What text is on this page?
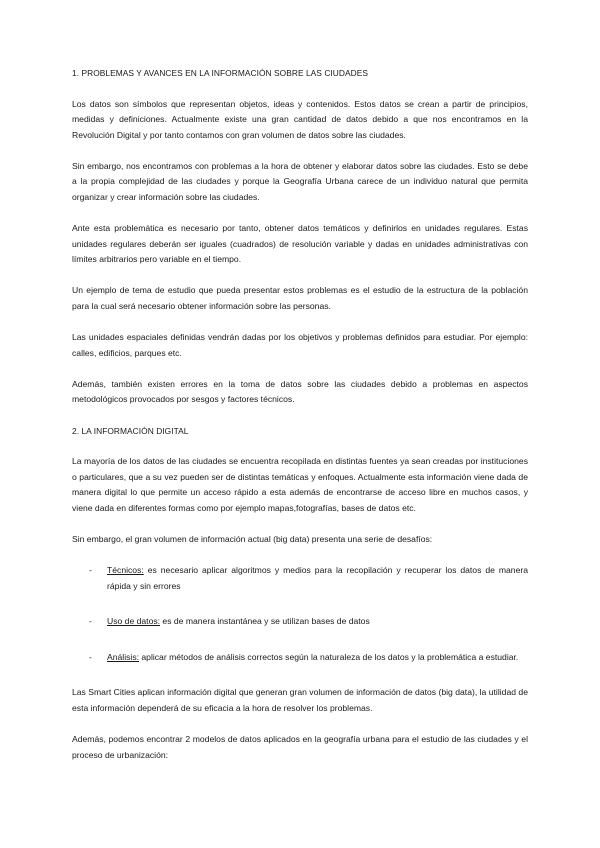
1. PROBLEMAS Y AVANCES EN LA INFORMACIÓN SOBRE LAS CIUDADES

Los datos son símbolos que representan objetos, ideas y contenidos. Estos datos se crean a partir de principios, medidas y definiciones. Actualmente existe una gran cantidad de datos debido a que nos encontramos en la Revolución Digital y por tanto contamos con gran volumen de datos sobre las ciudades.

Sin embargo, nos encontramos con problemas a la hora de obtener y elaborar datos sobre las ciudades. Esto se debe a la propia complejidad de las ciudades y porque la Geografía Urbana carece de un individuo natural que permita organizar y crear información sobre las ciudades.

Ante esta problemática es necesario por tanto, obtener datos temáticos y definirlos en unidades regulares. Estas unidades regulares deberán ser iguales (cuadrados) de resolución variable y dadas en unidades administrativas con límites arbitrarios pero variable en el tiempo.

Un ejemplo de tema de estudio que pueda presentar estos problemas es el estudio de la estructura de la población para la cual será necesario obtener información sobre las personas.

Las unidades espaciales definidas vendrán dadas por los objetivos y problemas definidos para estudiar. Por ejemplo: calles, edificios, parques etc.

Además, también existen errores en la toma de datos sobre las ciudades debido a problemas en aspectos metodológicos provocados por sesgos y factores técnicos.

2. LA INFORMACIÓN DIGITAL

La mayoría de los datos de las ciudades se encuentra recopilada en distintas fuentes ya sean creadas por instituciones o particulares, que a su vez pueden ser de distintas temáticas y enfoques. Actualmente esta información viene dada de manera digital lo que permite un acceso rápido a esta además de encontrarse de acceso libre en muchos casos, y viene dada en diferentes formas como por ejemplo mapas,fotografías, bases de datos etc.

Sin embargo, el gran volumen de información actual (big data) presenta una serie de desafíos:

- Técnicos: es necesario aplicar algoritmos y medios para la recopilación y recuperar los datos de manera rápida y sin errores
- Uso de datos: es de manera instantánea y se utilizan bases de datos
- Análisis: aplicar métodos de análisis correctos según la naturaleza de los datos y la problemática a estudiar.

Las Smart Cities aplican información digital que generan gran volumen de información de datos (big data), la utilidad de esta información dependerá de su eficacia a la hora de resolver los problemas.

Además, podemos encontrar 2 modelos de datos aplicados en la geografía urbana para el estudio de las ciudades y el proceso de urbanización:
